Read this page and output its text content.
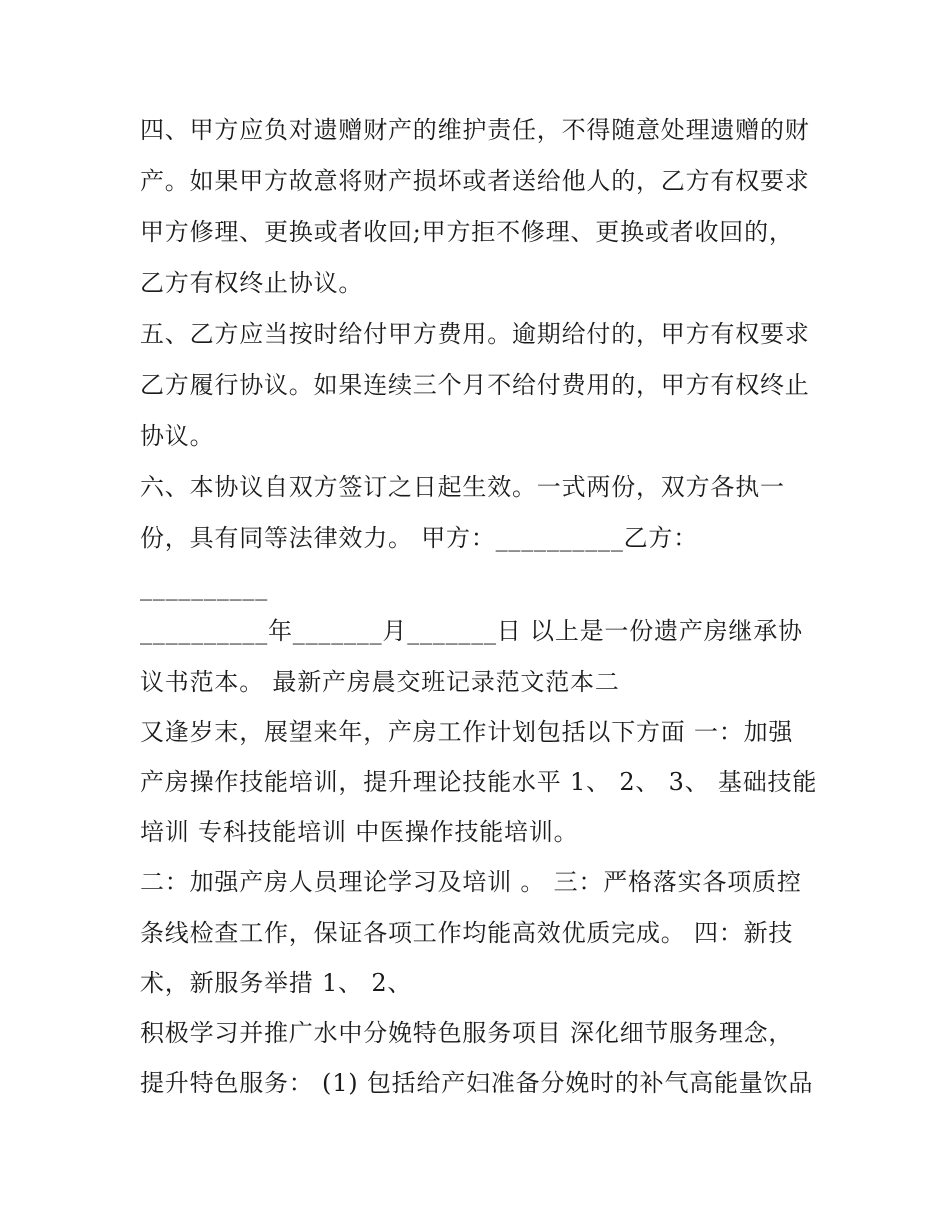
四、甲方应负对遗赠财产的维护责任，不得随意处理遗赠的财
产。如果甲方故意将财产损坏或者送给他人的，乙方有权要求
甲方修理、更换或者收回;甲方拒不修理、更换或者收回的，
乙方有权终止协议。
五、乙方应当按时给付甲方费用。逾期给付的，甲方有权要求
乙方履行协议。如果连续三个月不给付费用的，甲方有权终止
协议。
六、本协议自双方签订之日起生效。一式两份，双方各执一
份，具有同等法律效力。 甲方：__________乙方：
__________
__________年_______月_______日 以上是一份遗产房继承协
议书范本。 最新产房晨交班记录范文范本二
又逢岁末，展望来年，产房工作计划包括以下方面 一：加强
产房操作技能培训，提升理论技能水平 1、 2、 3、 基础技能
培训 专科技能培训 中医操作技能培训。
二：加强产房人员理论学习及培训 。 三：严格落实各项质控
条线检查工作，保证各项工作均能高效优质完成。 四：新技
术，新服务举措 1、 2、
积极学习并推广水中分娩特色服务项目 深化细节服务理念，
提升特色服务： (1) 包括给产妇准备分娩时的补气高能量饮品
